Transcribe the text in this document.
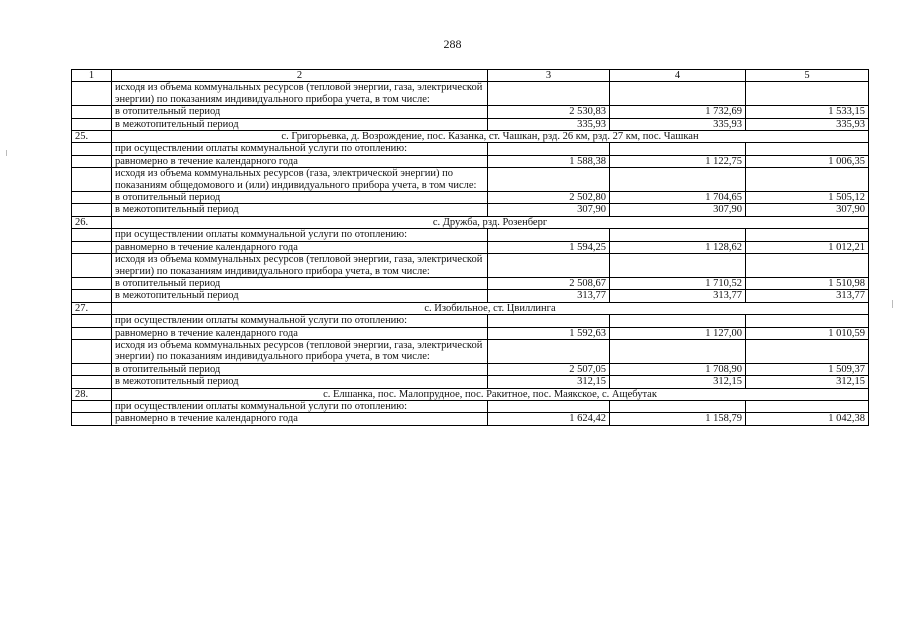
288
1	2	3	4	5
	исходя из объема коммунальных ресурсов (тепловой энергии, газа, электрической энергии) по показаниям индивидуального прибора учета, в том числе:			
	в отопительный период	2 530,83	1 732,69	1 533,15
	в межотопительный период	335,93	335,93	335,93
25.	с. Григорьевка, д. Возрождение, пос. Казанка, ст. Чашкан, рзд. 26 км, рзд. 27 км, пос. Чашкан			
	при осуществлении оплаты коммунальной услуги по отоплению:			
	равномерно в течение календарного года	1 588,38	1 122,75	1 006,35
	исходя из объема коммунальных ресурсов (газа, электрической энергии) по показаниям общедомового и (или) индивидуального прибора учета, в том числе:			
	в отопительный период	2 502,80	1 704,65	1 505,12
	в межотопительный период	307,90	307,90	307,90
26.	с. Дружба, рзд. Розенберг			
	при осуществлении оплаты коммунальной услуги по отоплению:			
	равномерно в течение календарного года	1 594,25	1 128,62	1 012,21
	исходя из объема коммунальных ресурсов (тепловой энергии, газа, электрической энергии) по показаниям индивидуального прибора учета, в том числе:			
	в отопительный период	2 508,67	1 710,52	1 510,98
	в межотопительный период	313,77	313,77	313,77
27.	с. Изобильное, ст. Цвиллинга			
	при осуществлении оплаты коммунальной услуги по отоплению:			
	равномерно в течение календарного года	1 592,63	1 127,00	1 010,59
	исходя из объема коммунальных ресурсов (тепловой энергии, газа, электрической энергии) по показаниям индивидуального прибора учета, в том числе:			
	в отопительный период	2 507,05	1 708,90	1 509,37
	в межотопительный период	312,15	312,15	312,15
28.	с. Елшанка, пос. Малопрудное, пос. Ракитное, пос. Маякское, с. Ащебутак			
	при осуществлении оплаты коммунальной услуги по отоплению:			
	равномерно в течение календарного года	1 624,42	1 158,79	1 042,38
